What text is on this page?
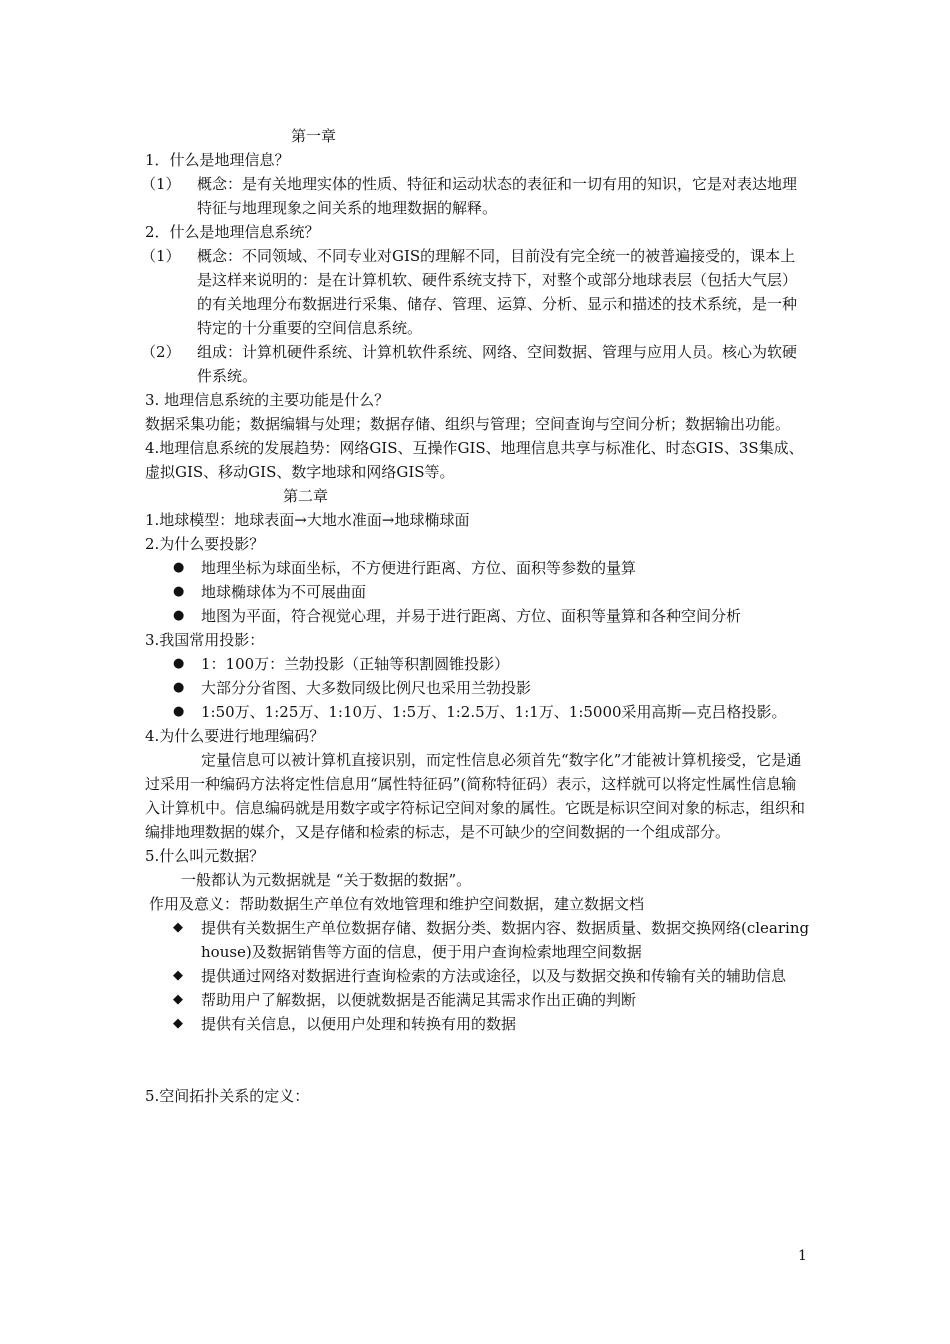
第一章
1．什么是地理信息？
（1）	概念：是有关地理实体的性质、特征和运动状态的表征和一切有用的知识，它是对表达地理特征与地理现象之间关系的地理数据的解释。
2．什么是地理信息系统？
（1）	概念：不同领域、不同专业对GIS的理解不同，目前没有完全统一的被普遍接受的，课本上是这样来说明的：是在计算机软、硬件系统支持下，对整个或部分地球表层（包括大气层）的有关地理分布数据进行采集、储存、管理、运算、分析、显示和描述的技术系统，是一种特定的十分重要的空间信息系统。
（2）	组成：计算机硬件系统、计算机软件系统、网络、空间数据、管理与应用人员。核心为软硬件系统。
3. 地理信息系统的主要功能是什么？
数据采集功能；数据编辑与处理；数据存储、组织与管理；空间查询与空间分析；数据输出功能。
4.地理信息系统的发展趋势：网络GIS、互操作GIS、地理信息共享与标准化、时态GIS、3S集成、虚拟GIS、移动GIS、数字地球和网络GIS等。
第二章
1.地球模型：地球表面→大地水准面→地球椭球面
2.为什么要投影？
●	地理坐标为球面坐标，不方便进行距离、方位、面积等参数的量算
●	地球椭球体为不可展曲面
●	地图为平面，符合视觉心理，并易于进行距离、方位、面积等量算和各种空间分析
3.我国常用投影：
●	1：100万：兰勃投影（正轴等积割圆锥投影）
●	大部分分省图、大多数同级比例尺也采用兰勃投影
●	1:50万、1:25万、1:10万、1:5万、1:2.5万、1:1万、1:5000采用高斯—克吕格投影。
4.为什么要进行地理编码？
定量信息可以被计算机直接识别，而定性信息必须首先“数字化”才能被计算机接受，它是通过采用一种编码方法将定性信息用“属性特征码”(简称特征码）表示，这样就可以将定性属性信息输入计算机中。信息编码就是用数字或字符标记空间对象的属性。它既是标识空间对象的标志，组织和编排地理数据的媒介，又是存储和检索的标志，是不可缺少的空间数据的一个组成部分。
5.什么叫元数据？
一般都认为元数据就是 “关于数据的数据”。
作用及意义：帮助数据生产单位有效地管理和维护空间数据，建立数据文档
◆	提供有关数据生产单位数据存储、数据分类、数据内容、数据质量、数据交换网络(clearing house)及数据销售等方面的信息，便于用户查询检索地理空间数据
◆	提供通过网络对数据进行查询检索的方法或途径，以及与数据交换和传输有关的辅助信息
◆	帮助用户了解数据，以便就数据是否能满足其需求作出正确的判断
◆	提供有关信息，以便用户处理和转换有用的数据
5.空间拓扑关系的定义：
1
